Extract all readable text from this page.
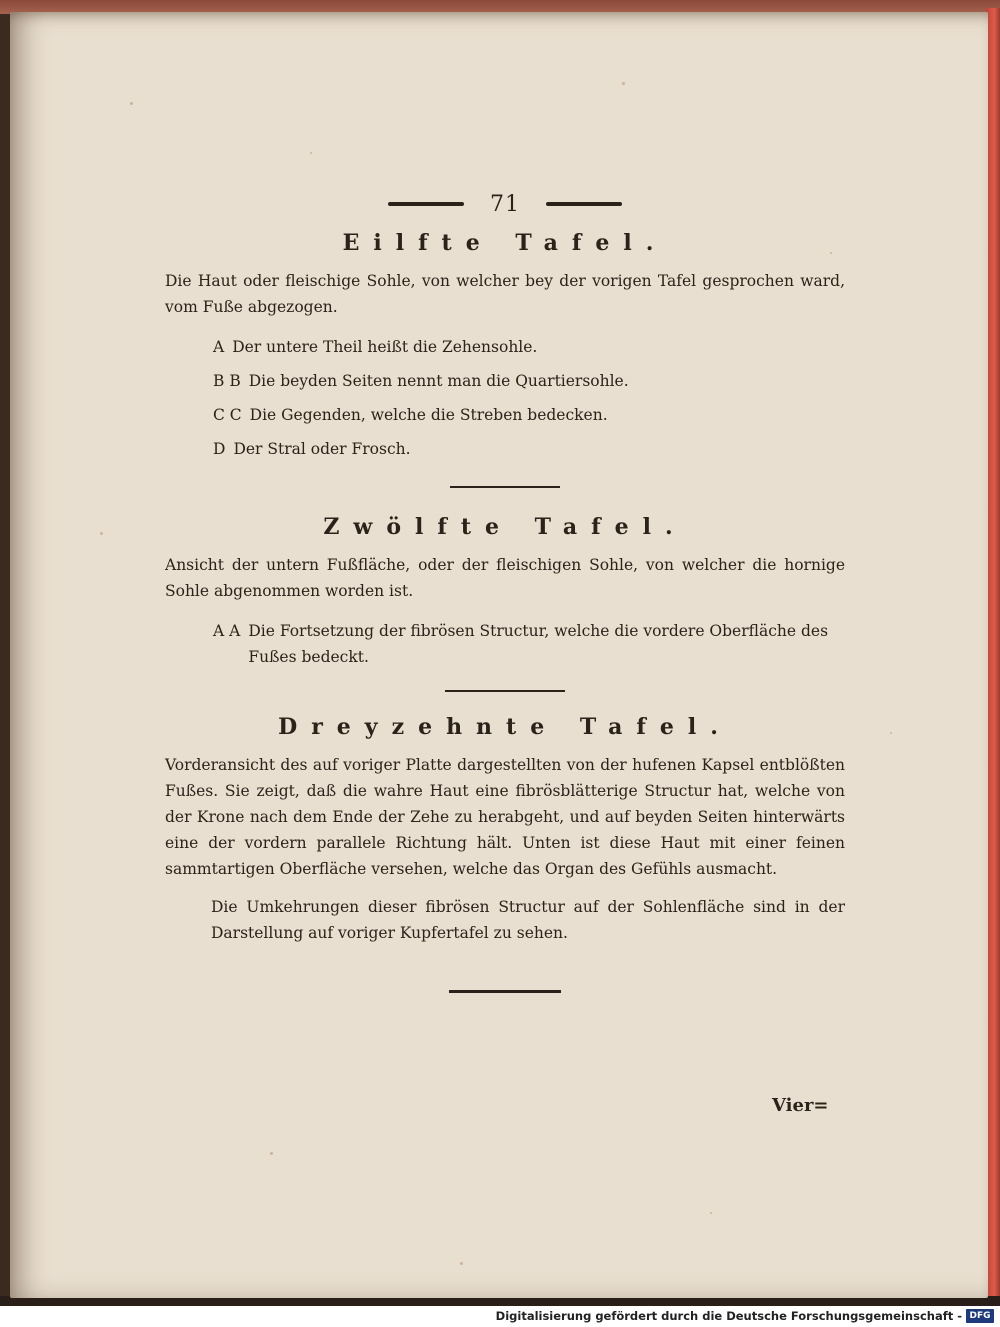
71
Eilfte Tafel.

Die Haut oder fleischige Sohle, von welcher bey der vorigen Tafel gesprochen ward, vom Fuße abgezogen.

A Der untere Theil heißt die Zehensohle.
B B Die beyden Seiten nennt man die Quartiersohle.
C C Die Gegenden, welche die Streben bedecken.
D Der Stral oder Frosch.
Zwölfte Tafel.

Ansicht der untern Fußfläche, oder der fleischigen Sohle, von welcher die hornige Sohle abgenommen worden ist.

A A Die Fortsetzung der fibrösen Structur, welche die vordere Oberfläche des Fußes bedeckt.
Dreyzehnte Tafel.

Vorderansicht des auf voriger Platte dargestellten von der hufenen Kapsel entblößten Fußes. Sie zeigt, daß die wahre Haut eine fibrösblätterige Structur hat, welche von der Krone nach dem Ende der Zehe zu herabgeht, und auf beyden Seiten hinterwärts eine der vordern parallele Richtung hält. Unten ist diese Haut mit einer feinen sammtartigen Oberfläche versehen, welche das Organ des Gefühls ausmacht.

Die Umkehrungen dieser fibrösen Structur auf der Sohlenfläche sind in der Darstellung auf voriger Kupfertafel zu sehen.

Vier=
Digitalisierung gefördert durch die Deutsche Forschungsgemeinschaft - DFG
